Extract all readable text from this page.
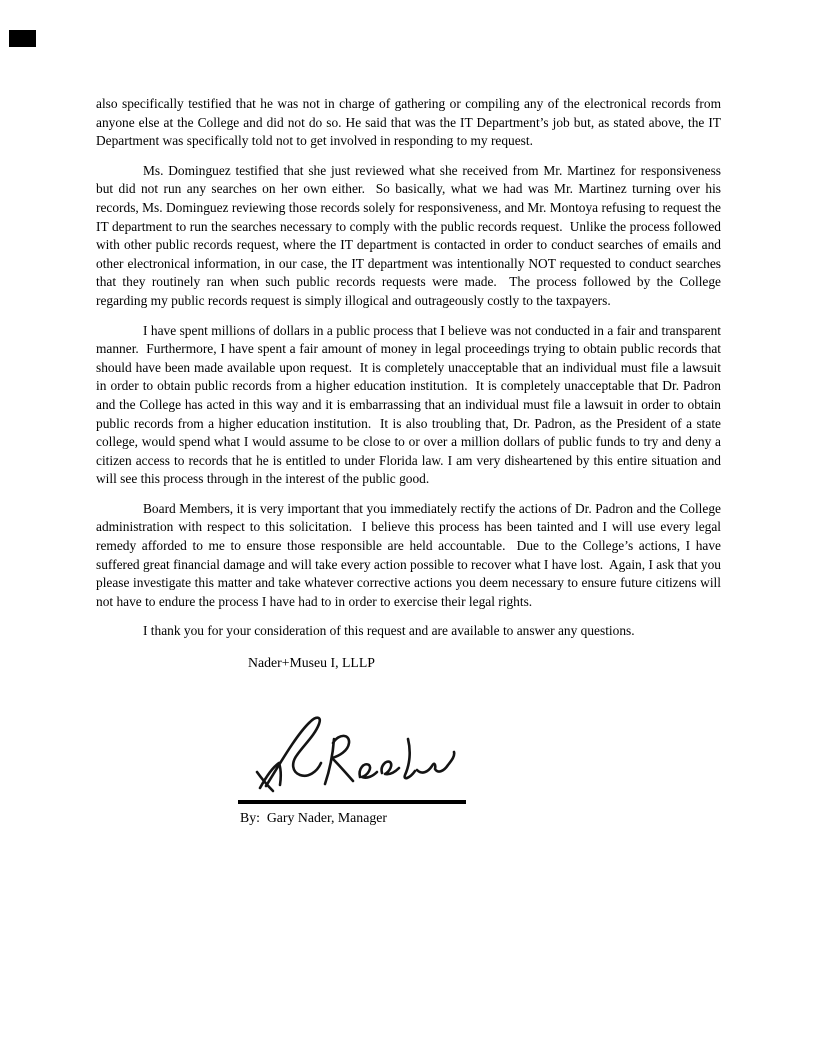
also specifically testified that he was not in charge of gathering or compiling any of the electronical records from anyone else at the College and did not do so. He said that was the IT Department’s job but, as stated above, the IT Department was specifically told not to get involved in responding to my request.
Ms. Dominguez testified that she just reviewed what she received from Mr. Martinez for responsiveness but did not run any searches on her own either.  So basically, what we had was Mr. Martinez turning over his records, Ms. Dominguez reviewing those records solely for responsiveness, and Mr. Montoya refusing to request the IT department to run the searches necessary to comply with the public records request.  Unlike the process followed with other public records request, where the IT department is contacted in order to conduct searches of emails and other electronical information, in our case, the IT department was intentionally NOT requested to conduct searches that they routinely ran when such public records requests were made.  The process followed by the College regarding my public records request is simply illogical and outrageously costly to the taxpayers.
I have spent millions of dollars in a public process that I believe was not conducted in a fair and transparent manner.  Furthermore, I have spent a fair amount of money in legal proceedings trying to obtain public records that should have been made available upon request.  It is completely unacceptable that an individual must file a lawsuit in order to obtain public records from a higher education institution.  It is completely unacceptable that Dr. Padron and the College has acted in this way and it is embarrassing that an individual must file a lawsuit in order to obtain public records from a higher education institution.  It is also troubling that, Dr. Padron, as the President of a state college, would spend what I would assume to be close to or over a million dollars of public funds to try and deny a citizen access to records that he is entitled to under Florida law. I am very disheartened by this entire situation and will see this process through in the interest of the public good.
Board Members, it is very important that you immediately rectify the actions of Dr. Padron and the College administration with respect to this solicitation.  I believe this process has been tainted and I will use every legal remedy afforded to me to ensure those responsible are held accountable.  Due to the College’s actions, I have suffered great financial damage and will take every action possible to recover what I have lost.  Again, I ask that you please investigate this matter and take whatever corrective actions you deem necessary to ensure future citizens will not have to endure the process I have had to in order to exercise their legal rights.
I thank you for your consideration of this request and are available to answer any questions.
Nader+Museu I, LLLP
By:  Gary Nader, Manager
